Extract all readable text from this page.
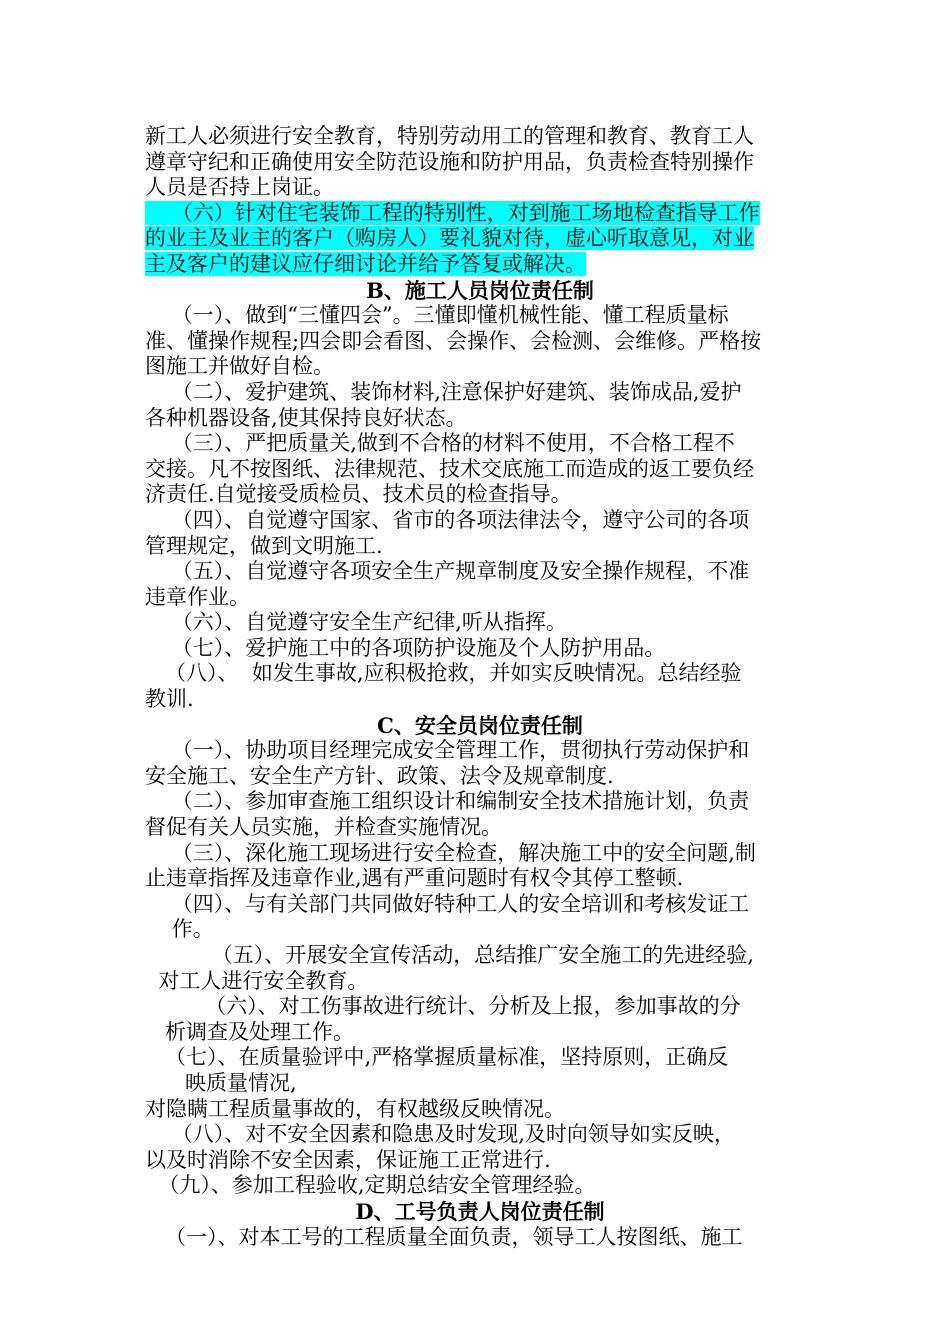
新工人必须进行安全教育，特别劳动用工的管理和教育、教育工人
遵章守纪和正确使用安全防范设施和防护用品，负责检查特别操作
人员是否持上岗证。
（六）针对住宅装饰工程的特别性，对到施工场地检查指导工作
的业主及业主的客户（购房人）要礼貌对待，虚心听取意见，对业
主及客户的建议应仔细讨论并给予答复或解决。
B、施工人员岗位责任制
（一）、做到“三懂四会”。三懂即懂机械性能、懂工程质量标
准、懂操作规程;四会即会看图、会操作、会检测、会维修。严格按
图施工并做好自检。
（二）、爱护建筑、装饰材料,注意保护好建筑、装饰成品,爱护
各种机器设备,使其保持良好状态。
（三）、严把质量关,做到不合格的材料不使用，不合格工程不
交接。凡不按图纸、法律规范、技术交底施工而造成的返工要负经
济责任.自觉接受质检员、技术员的检查指导。
（四）、自觉遵守国家、省市的各项法律法令，遵守公司的各项
管理规定，做到文明施工.
（五）、自觉遵守各项安全生产规章制度及安全操作规程，不准
违章作业。
（六）、自觉遵守安全生产纪律,听从指挥。
（七）、爱护施工中的各项防护设施及个人防护用品。
（八）、  如发生事故,应积极抢救，并如实反映情况。总结经验
教训.
C、安全员岗位责任制
（一）、协助项目经理完成安全管理工作，贯彻执行劳动保护和
安全施工、安全生产方针、政策、法令及规章制度.
（二）、参加审查施工组织设计和编制安全技术措施计划，负责
督促有关人员实施，并检查实施情况。
（三）、深化施工现场进行安全检查，解决施工中的安全问题,制
止违章指挥及违章作业,遇有严重问题时有权令其停工整顿.
（四）、与有关部门共同做好特种工人的安全培训和考核发证工
作。
（五）、开展安全宣传活动，总结推广安全施工的先进经验,
对工人进行安全教育。
（六）、对工伤事故进行统计、分析及上报，参加事故的分
析调查及处理工作。
（七）、在质量验评中,严格掌握质量标准，坚持原则，正确反
映质量情况,
对隐瞒工程质量事故的，有权越级反映情况。
（八）、对不安全因素和隐患及时发现,及时向领导如实反映，
以及时消除不安全因素，保证施工正常进行.
（九）、参加工程验收,定期总结安全管理经验。
D、工号负责人岗位责任制
（一）、对本工号的工程质量全面负责，领导工人按图纸、施工
